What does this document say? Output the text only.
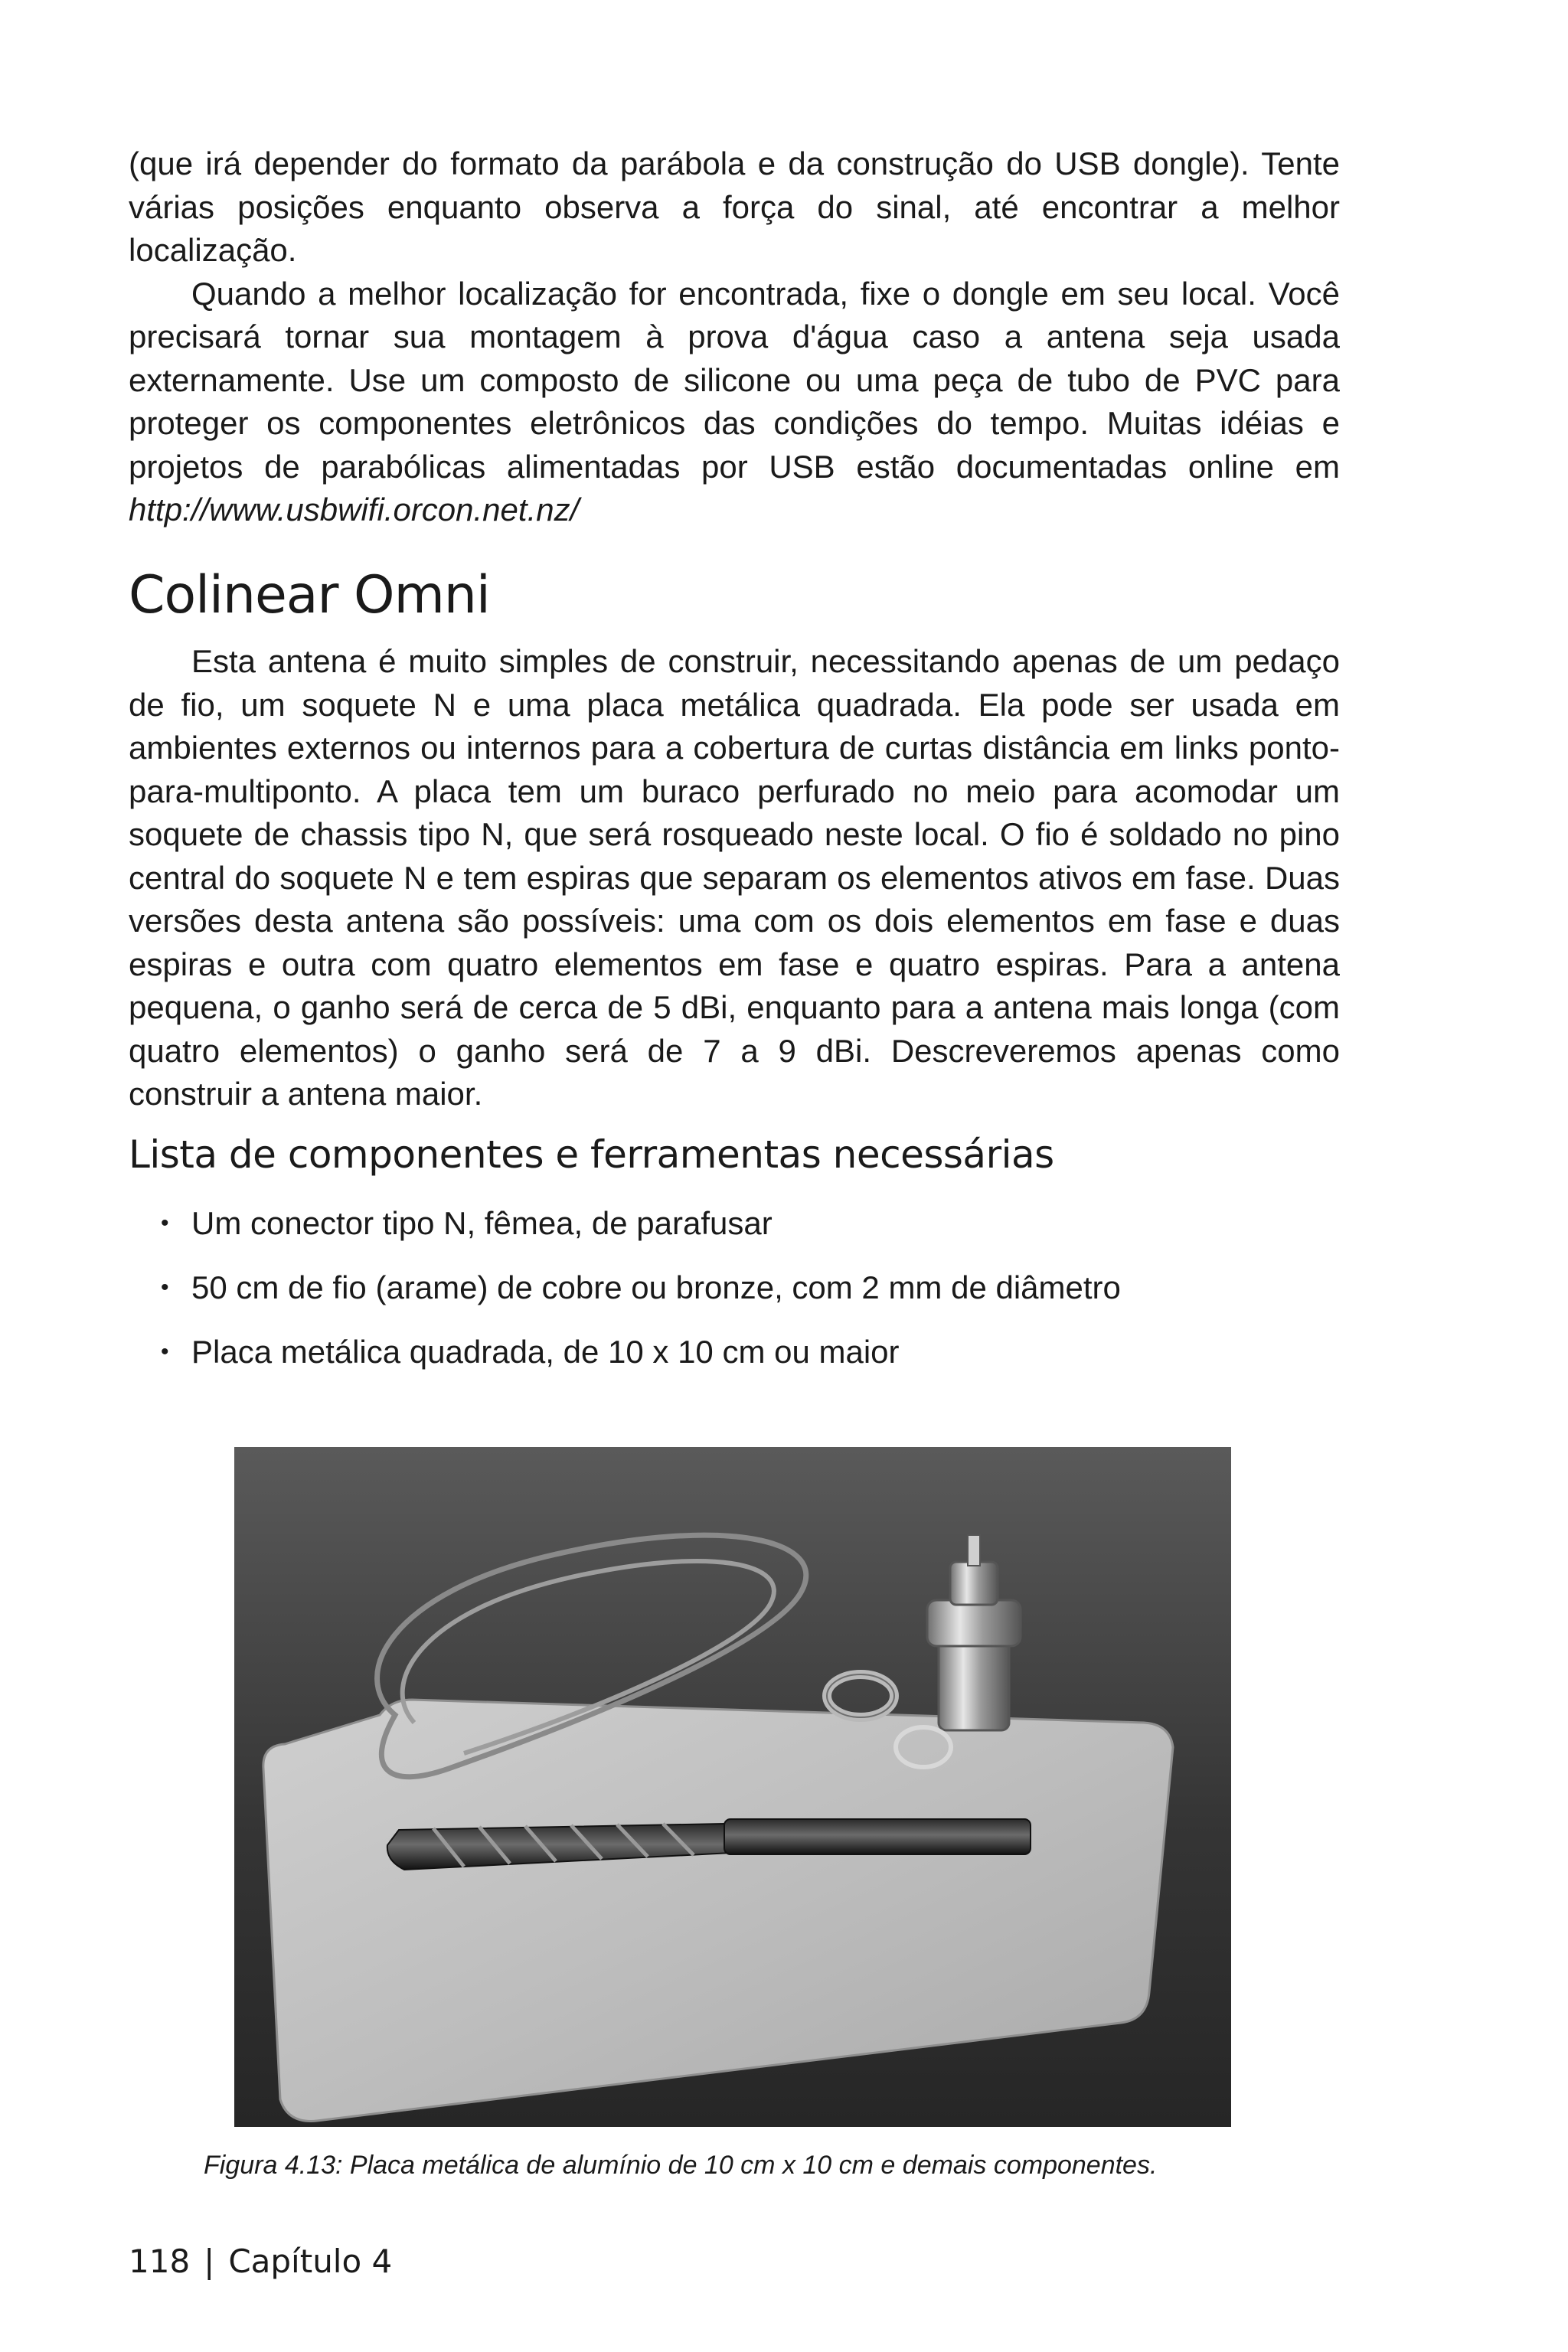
(que irá depender do formato da parábola e da construção do USB dongle). Tente várias posições enquanto observa a força do sinal, até encontrar a melhor localização.

Quando a melhor localização for encontrada, fixe o dongle em seu local. Você precisará tornar sua montagem à prova d'água caso a antena seja usada externamente. Use um composto de silicone ou uma peça de tubo de PVC para proteger os componentes eletrônicos das condições do tempo. Muitas idéias e projetos de parabólicas alimentadas por USB estão documentadas online em http://www.usbwifi.orcon.net.nz/

Colinear Omni

Esta antena é muito simples de construir, necessitando apenas de um pedaço de fio, um soquete N e uma placa metálica quadrada. Ela pode ser usada em ambientes externos ou internos para a cobertura de curtas distância em links ponto-para-multiponto. A placa tem um buraco perfurado no meio para acomodar um soquete de chassis tipo N, que será rosqueado neste local. O fio é soldado no pino central do soquete N e tem espiras que separam os elementos ativos em fase. Duas versões desta antena são possíveis: uma com os dois elementos em fase e duas espiras e outra com quatro elementos em fase e quatro espiras. Para a antena pequena, o ganho será de cerca de 5 dBi, enquanto para a antena mais longa (com quatro elementos) o ganho será de 7 a 9 dBi. Descreveremos apenas como construir a antena maior.

Lista de componentes e ferramentas necessárias
• Um conector tipo N, fêmea, de parafusar
• 50 cm de fio (arame) de cobre ou bronze, com 2 mm de diâmetro
• Placa metálica quadrada, de 10 x 10 cm ou maior

Figura 4.13: Placa metálica de alumínio de 10 cm x 10 cm e demais componentes.

118 | Capítulo 4
